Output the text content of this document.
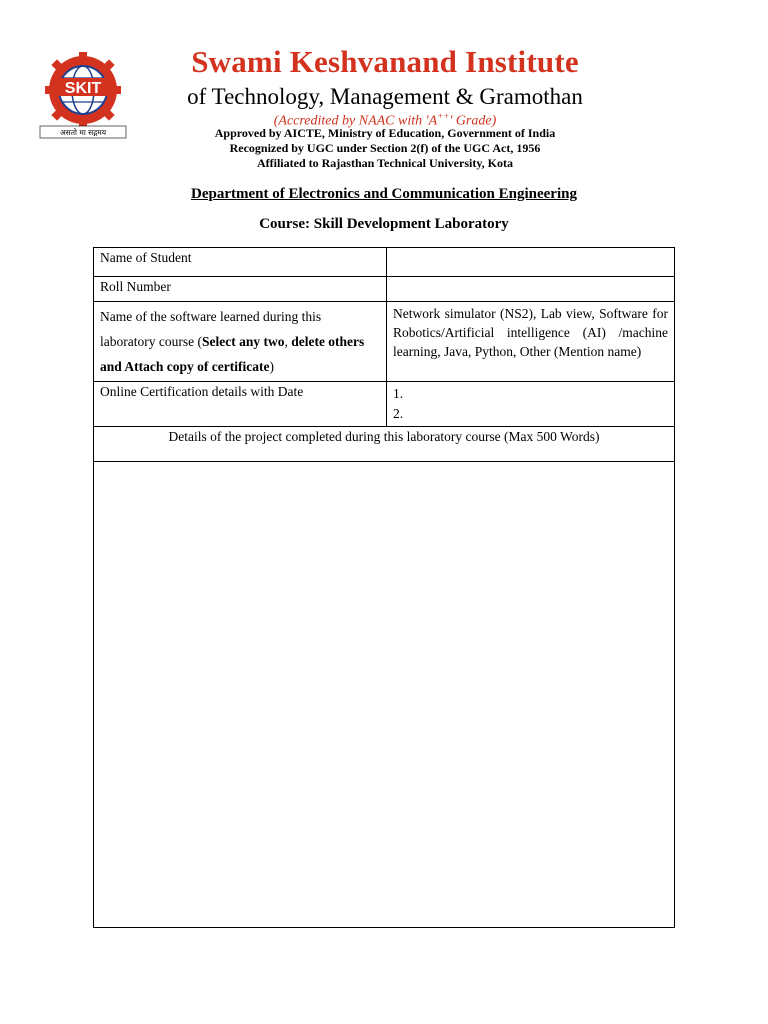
SKIT
असतो मा सद्गमय
Swami Keshvanand Institute
of Technology, Management & Gramothan
(Accredited by NAAC with 'A++' Grade)
Approved by AICTE, Ministry of Education, Government of India
Recognized by UGC under Section 2(f) of the UGC Act, 1956
Affiliated to Rajasthan Technical University, Kota
Department of Electronics and Communication Engineering
Course: Skill Development Laboratory
Name of Student	
Roll Number	
Name of the software learned during this laboratory course (Select any two, delete others and Attach copy of certificate)	Network simulator (NS2), Lab view, Software for Robotics/Artificial intelligence (AI) /machine learning, Java, Python, Other (Mention name)
Online Certification details with Date	1.
2.

Details of the project completed during this laboratory course (Max 500 Words)	
